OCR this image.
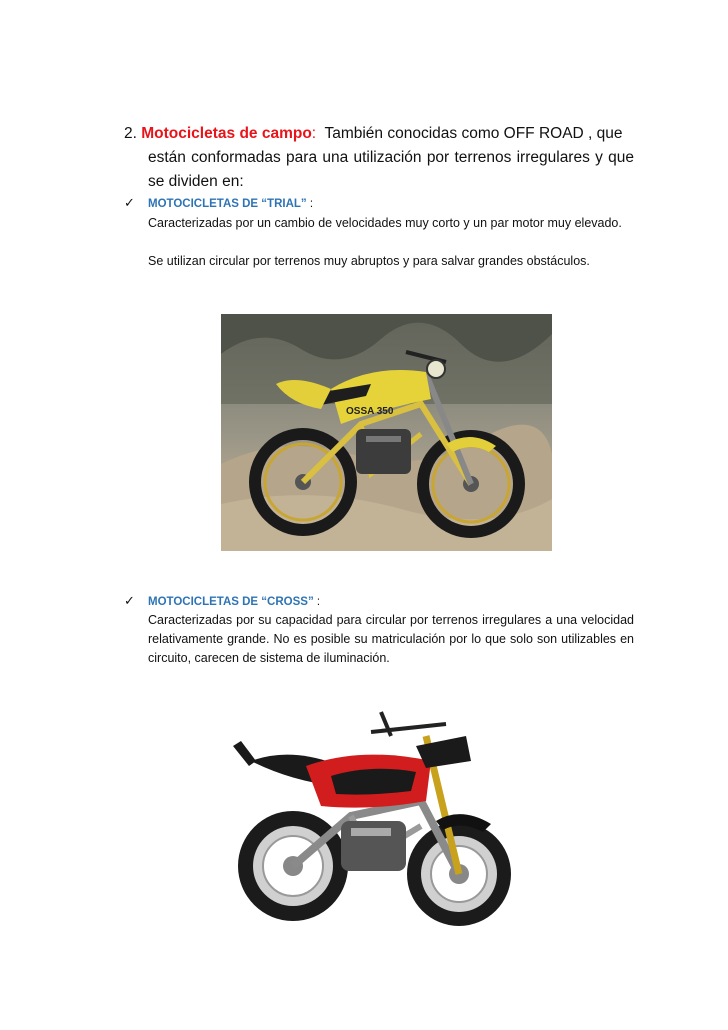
2. Motocicletas de campo: También conocidas como OFF ROAD , que
están conformadas para una utilización por terrenos irregulares y que se dividen en:
✓ MOTOCICLETAS DE “TRIAL” :
Caracterizadas por un cambio de velocidades muy corto y un par motor muy elevado.
Se utilizan circular por terrenos muy abruptos y para salvar grandes obstáculos.
OSSA 350
✓ MOTOCICLETAS DE “CROSS” :
Caracterizadas por su capacidad para circular por terrenos irregulares a una velocidad relativamente grande. No es posible su matriculación por lo que solo son utilizables en circuito, carecen de sistema de iluminación.
